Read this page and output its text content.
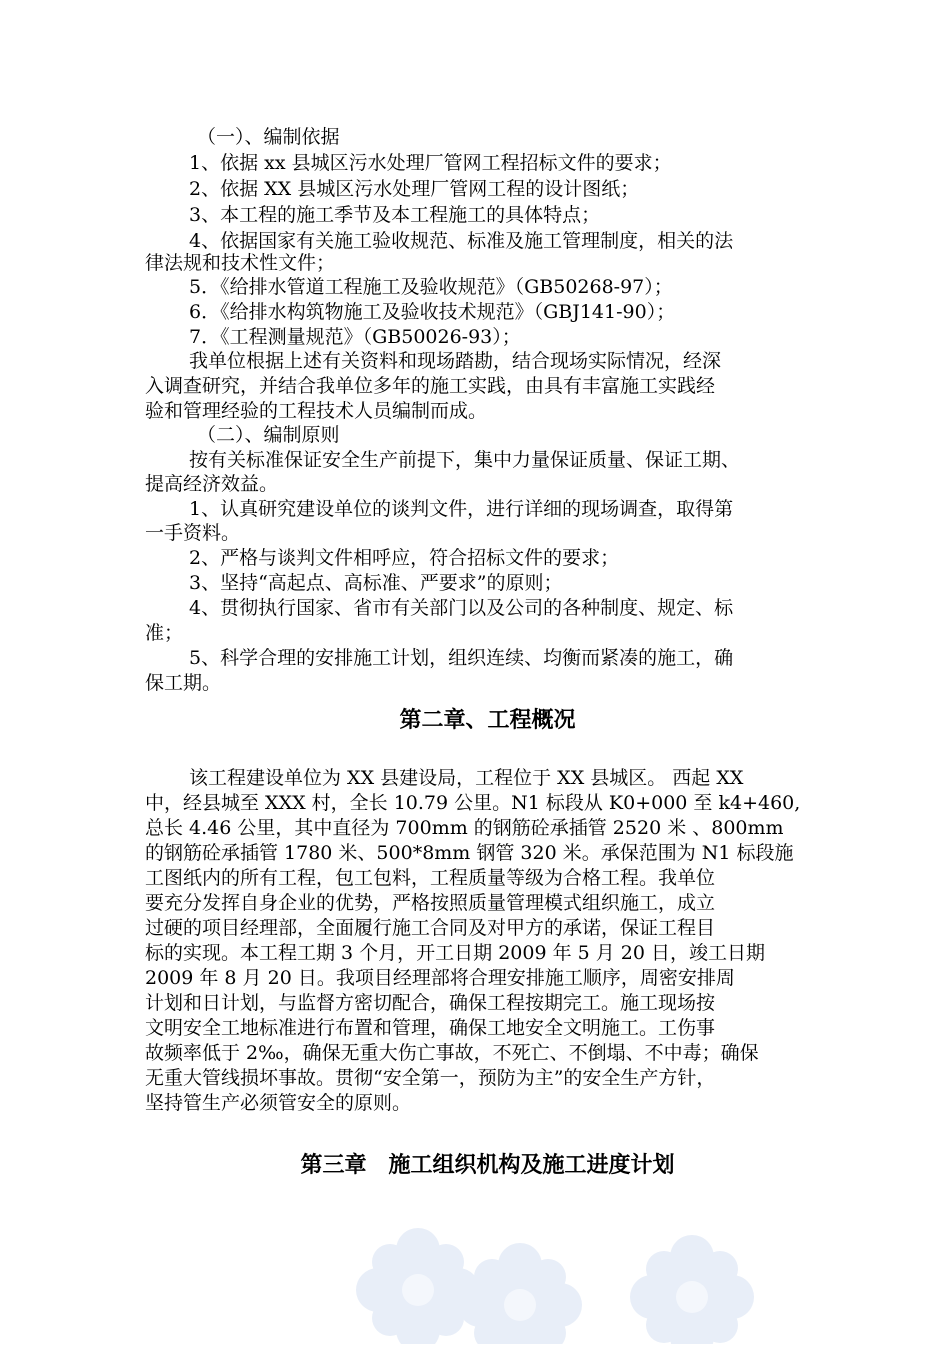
（一）、编制依据
1、依据 xx 县城区污水处理厂管网工程招标文件的要求；
2、依据 XX 县城区污水处理厂管网工程的设计图纸；
3、本工程的施工季节及本工程施工的具体特点；
4、依据国家有关施工验收规范、标准及施工管理制度，相关的法
律法规和技术性文件；
5．《给排水管道工程施工及验收规范》（GB50268-97）；
6．《给排水构筑物施工及验收技术规范》（GBJ141-90）；
7．《工程测量规范》（GB50026-93）；
我单位根据上述有关资料和现场踏勘，结合现场实际情况，经深
入调查研究，并结合我单位多年的施工实践，由具有丰富施工实践经
验和管理经验的工程技术人员编制而成。
（二）、编制原则
按有关标准保证安全生产前提下，集中力量保证质量、保证工期、
提高经济效益。
1、认真研究建设单位的谈判文件，进行详细的现场调查，取得第
一手资料。
2、严格与谈判文件相呼应，符合招标文件的要求；
3、坚持“高起点、高标准、严要求”的原则；
4、贯彻执行国家、省市有关部门以及公司的各种制度、规定、标
准；
5、科学合理的安排施工计划，组织连续、均衡而紧凑的施工，确
保工期。
第二章、工程概况
该工程建设单位为 XX 县建设局，工程位于 XX 县城区。 西起 XX
中，经县城至 XXX 村，全长 10.79 公里。N1 标段从 K0+000 至 k4+460,
总长 4.46 公里，其中直径为 700mm 的钢筋砼承插管 2520 米 、800mm
的钢筋砼承插管 1780 米、500*8mm 钢管 320 米。承保范围为 N1 标段施
工图纸内的所有工程，包工包料，工程质量等级为合格工程。我单位
要充分发挥自身企业的优势，严格按照质量管理模式组织施工，成立
过硬的项目经理部，全面履行施工合同及对甲方的承诺，保证工程目
标的实现。本工程工期 3 个月，开工日期 2009 年 5 月 20 日，竣工日期
2009 年 8 月 20 日。我项目经理部将合理安排施工顺序，周密安排周
计划和日计划，与监督方密切配合，确保工程按期完工。施工现场按
文明安全工地标准进行布置和管理，确保工地安全文明施工。工伤事
故频率低于 2‰，确保无重大伤亡事故，不死亡、不倒塌、不中毒；确保
无重大管线损坏事故。贯彻“安全第一，预防为主”的安全生产方针，
坚持管生产必须管安全的原则。
第三章　施工组织机构及施工进度计划
